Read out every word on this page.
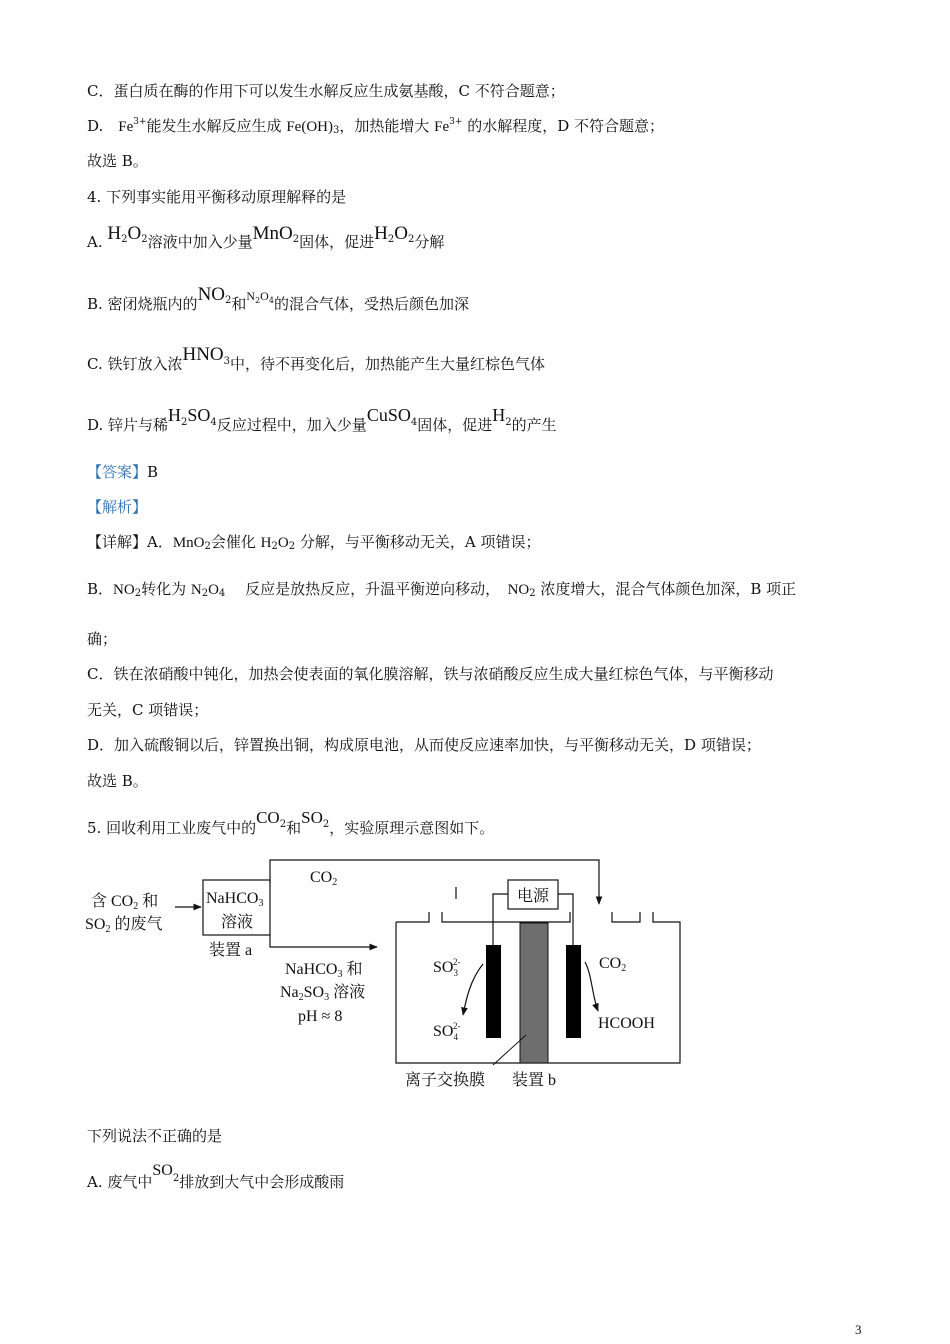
C．蛋白质在酶的作用下可以发生水解反应生成氨基酸，C 不符合题意；
D.　$Fe^{3+}$能发生水解反应生成 Fe(OH)3，加热能增大 $Fe^{3+}$ 的水解程度，D 不符合题意；
故选 B。
4. 下列事实能用平衡移动原理解释的是
A. $H^2O^2$溶液中加入少量MnO$^2$固体，促进$H^2O^2$分解
B. 密闭烧瓶内的$NO^2$和$^{N2O4}$的混合气体，受热后颜色加深
C. 铁钉放入浓HNO$^3$中，待不再变化后，加热能产生大量红棕色气体
D. 锌片与稀$H^2SO^4$反应过程中，加入少量CuSO$^4$固体，促进$H^2$的产生
【答案】B
【解析】
【详解】A．MnO2会催化 H2O2 分解，与平衡移动无关，A 项错误；
B．NO2转化为 N2O4　 反应是放热反应，升温平衡逆向移动，　NO2 浓度增大，混合气体颜色加深，B 项正
确；
C．铁在浓硝酸中钝化，加热会使表面的氧化膜溶解，铁与浓硝酸反应生成大量红棕色气体，与平衡移动
无关，C 项错误；
D．加入硫酸铜以后，锌置换出铜，构成原电池，从而使反应速率加快，与平衡移动无关，D 项错误；
故选 B。
5. 回收利用工业废气中的$CO^2$和$SO^2$，实验原理示意图如下。
下列说法不正确的是
A. 废气中$SO^2$排放到大气中会形成酸雨
含 CO2 和
SO2 的废气
NaHCO3
溶液
装置 a
CO2
电源
NaHCO3 和
Na2SO3 溶液
pH ≈ 8
$SO_32-$
$SO_42-$
CO2
HCOOH
离子交换膜 装置 b
3
